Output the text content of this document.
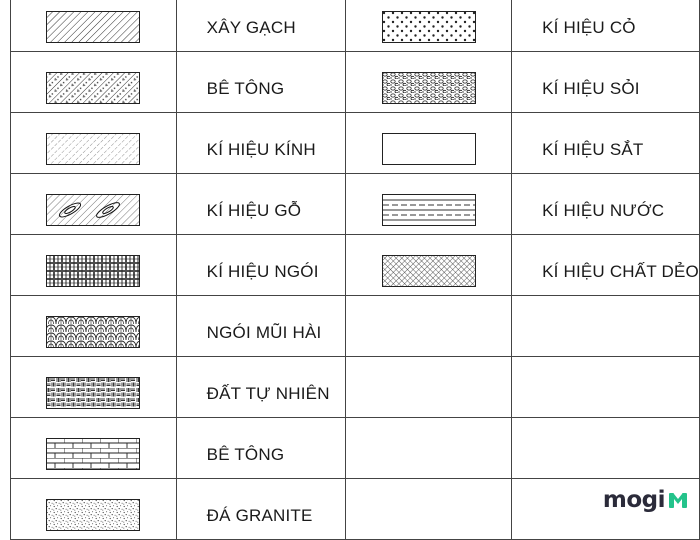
XÂY GẠCH		KÍ HIỆU CỎ

BÊ TÔNG		KÍ HIỆU SỎI

KÍ HIỆU KÍNH		KÍ HIỆU SẮT

KÍ HIỆU GỖ		KÍ HIỆU NƯỚC

KÍ HIỆU NGÓI		KÍ HIỆU CHẤT DẺO

NGÓI MŨI HÀI		

ĐẤT TỰ NHIÊN		

BÊ TÔNG		

ĐÁ GRANITE		

mogi
